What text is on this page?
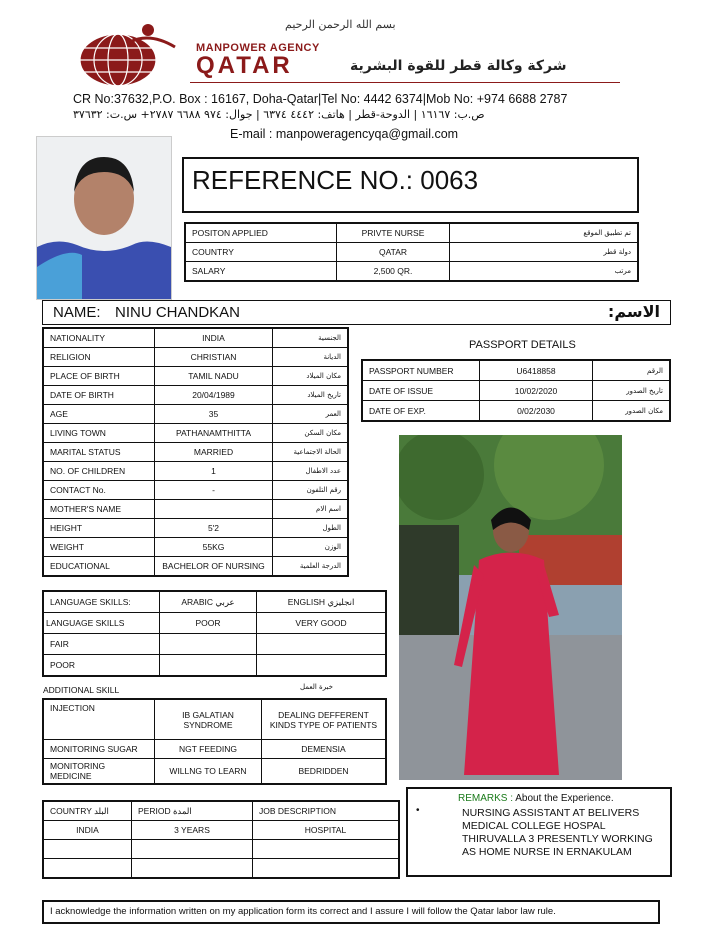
بسم الله الرحمن الرحيم
MANPOWER AGENCY
QATAR	شركة وكالة قطر للقوة البشرية
CR No:37632,P.O. Box : 16167, Doha-Qatar|Tel No: 4442 6374|Mob No: +974 6688 2787
ص.ب: ١٦١٦٧ | الدوحة-قطر | هاتف: ٤٤٤٢ ٦٣٧٤ | جوال: ٩٧٤ ٦٦٨٨ ٢٧٨٧+ س.ت: ٣٧٦٣٢
E-mail : manpoweragencyqa@gmail.com
REFERENCE NO.: 0063
POSITON APPLIED	PRIVTE NURSE	تم تطبيق الموقع
COUNTRY	QATAR	دولة قطر
SALARY	2,500 QR.	مرتب
NAME: NINU CHANDKAN	الاسم:
NATIONALITY	INDIA	الجنسية
RELIGION	CHRISTIAN	الديانة
PLACE OF BIRTH	TAMIL NADU	مكان الميلاد
DATE OF BIRTH	20/04/1989	تاريخ الميلاد
AGE	35	العمر
LIVING TOWN	PATHANAMTHITTA	مكان السكن
MARITAL STATUS	MARRIED	الحالة الاجتماعية
NO. OF CHILDREN	1	عدد الاطفال
CONTACT No.	-	رقم التلفون
MOTHER'S NAME		اسم الام
HEIGHT	5'2	الطول
WEIGHT	55KG	الوزن
EDUCATIONAL	BACHELOR OF NURSING	الدرجة العلمية
PASSPORT DETAILS
PASSPORT NUMBER	U6418858	الرقم
DATE OF ISSUE	10/02/2020	تاريخ الصدور
DATE OF EXP.	0/02/2030	مكان الصدور
LANGUAGE SKILLS:	ARABIC عربي	ENGLISH انجليزي
LANGUAGE SKILLS	POOR	VERY GOOD
FAIR		
POOR		
ADDITIONAL SKILL	خبرة العمل
INJECTION	IB GALATIAN SYNDROME	DEALING DEFFERENT KINDS TYPE OF PATIENTS
MONITORING SUGAR	NGT FEEDING	DEMENSIA
MONITORING MEDICINE	WILLNG TO LEARN	BEDRIDDEN
COUNTRY البلد	PERIOD المدة	JOB DESCRIPTION
INDIA	3 YEARS	HOSPITAL

REMARKS : About the Experience.
•	NURSING ASSISTANT AT BELIVERS MEDICAL COLLEGE HOSPAL THIRUVALLA 3 PRESENTLY WORKING AS HOME NURSE IN ERNAKULAM
I acknowledge the information written on my application form its correct and I assure I will follow the Qatar labor law rule.
